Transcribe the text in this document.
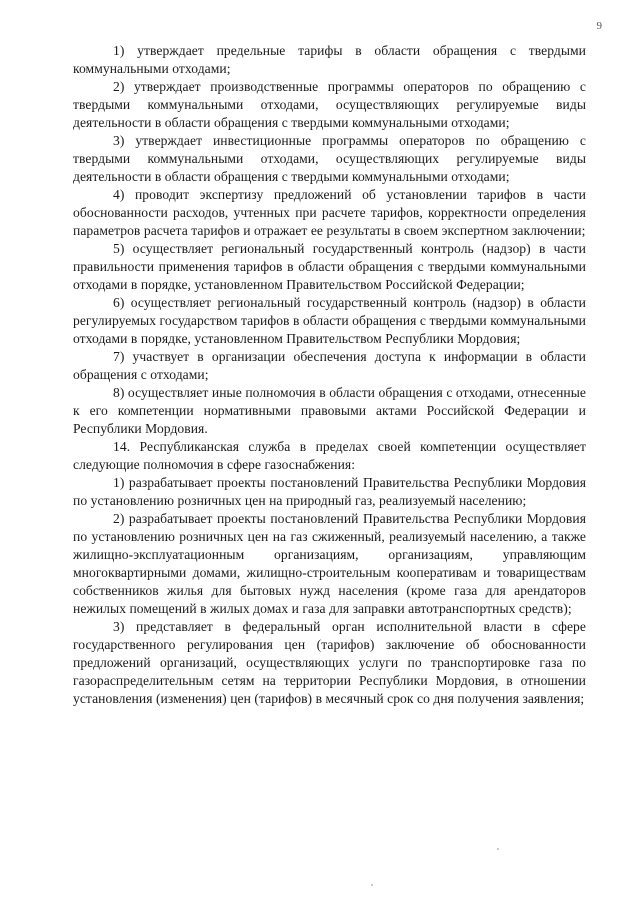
9

1) утверждает предельные тарифы в области обращения с твердыми коммунальными отходами;

2) утверждает производственные программы операторов по обращению с твердыми коммунальными отходами, осуществляющих регулируемые виды деятельности в области обращения с твердыми коммунальными отходами;

3) утверждает инвестиционные программы операторов по обращению с твердыми коммунальными отходами, осуществляющих регулируемые виды деятельности в области обращения с твердыми коммунальными отходами;

4) проводит экспертизу предложений об установлении тарифов в части обоснованности расходов, учтенных при расчете тарифов, корректности определения параметров расчета тарифов и отражает ее результаты в своем экспертном заключении;

5) осуществляет региональный государственный контроль (надзор) в части правильности применения тарифов в области обращения с твердыми коммунальными отходами в порядке, установленном Правительством Российской Федерации;

6) осуществляет региональный государственный контроль (надзор) в области регулируемых государством тарифов в области обращения с твердыми коммунальными отходами в порядке, установленном Правительством Республики Мордовия;

7) участвует в организации обеспечения доступа к информации в области обращения с отходами;

8) осуществляет иные полномочия в области обращения с отходами, отнесенные к его компетенции нормативными правовыми актами Российской Федерации и Республики Мордовия.

14. Республиканская служба в пределах своей компетенции осуществляет следующие полномочия в сфере газоснабжения:

1) разрабатывает проекты постановлений Правительства Республики Мордовия по установлению розничных цен на природный газ, реализуемый населению;

2) разрабатывает проекты постановлений Правительства Республики Мордовия по установлению розничных цен на газ сжиженный, реализуемый населению, а также жилищно-эксплуатационным организациям, организациям, управляющим многоквартирными домами, жилищно-строительным кооперативам и товариществам собственников жилья для бытовых нужд населения (кроме газа для арендаторов нежилых помещений в жилых домах и газа для заправки автотранспортных средств);

3) представляет в федеральный орган исполнительной власти в сфере государственного регулирования цен (тарифов) заключение об обоснованности предложений организаций, осуществляющих услуги по транспортировке газа по газораспределительным сетям на территории Республики Мордовия, в отношении установления (изменения) цен (тарифов) в месячный срок со дня получения заявления;
